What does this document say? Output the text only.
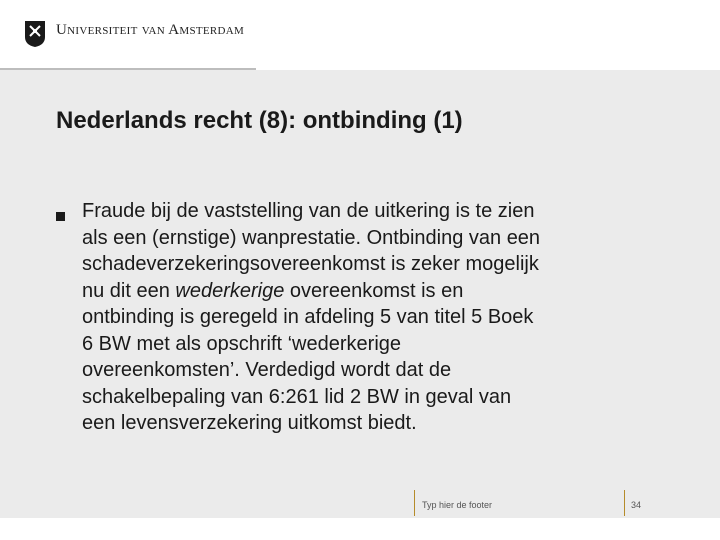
Universiteit van Amsterdam
Nederlands recht (8): ontbinding (1)
Fraude bij de vaststelling van de uitkering is te zien
als een (ernstige) wanprestatie. Ontbinding van een
schadeverzekeringsovereenkomst is zeker mogelijk
nu dit een wederkerige overeenkomst is en
ontbinding is geregeld in afdeling 5 van titel 5 Boek
6 BW met als opschrift ‘wederkerige
overeenkomsten’. Verdedigd wordt dat de
schakelbepaling van 6:261 lid 2 BW in geval van
een levensverzekering uitkomst biedt.
Typ hier de footer	34
